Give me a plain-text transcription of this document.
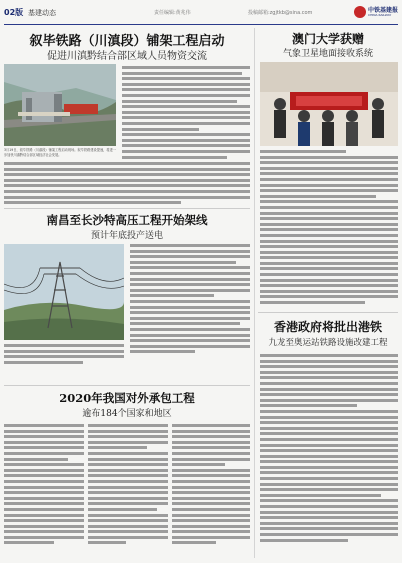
02版 基建动态	责任编辑:黄兆伟	投稿邮箱:zgjtkb@sina.com	中铁基建报
CHINA RAILWAY
叙毕铁路（川滇段）铺架工程启动
促进川滇黔结合部区域人员物资交流
3月19日，叙毕铁路（川滇段）铺架工程启动现场。叙毕铁路建设提速，将进一步加快川滇黔结合部区域经济社会发展。
南昌至长沙特高压工程开始架线
预计年底投产送电
2020年我国对外承包工程
逾布184个国家和地区
澳门大学获赠
气象卫星地面接收系统
香港政府将批出港铁
九龙至奥运站铁路设施改建工程
